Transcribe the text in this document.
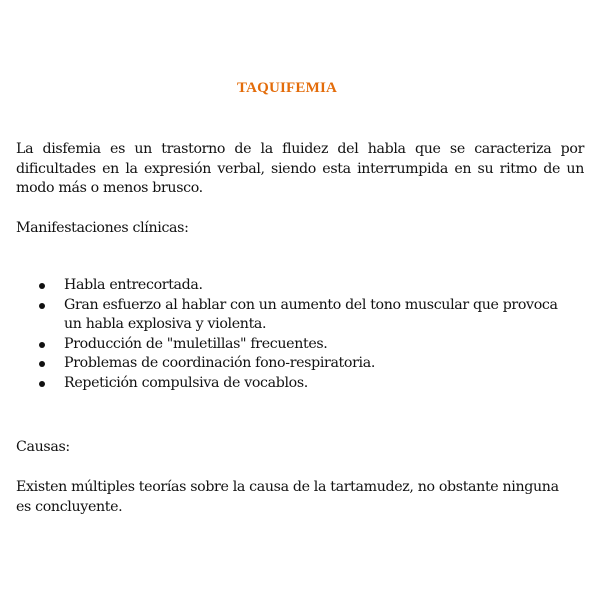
TAQUIFEMIA

La disfemia es un trastorno de la fluidez del habla que se caracteriza por dificultades en la expresión verbal, siendo esta interrumpida en su ritmo de un modo más o menos brusco.

Manifestaciones clínicas:

Habla entrecortada.
Gran esfuerzo al hablar con un aumento del tono muscular que provoca un habla explosiva y violenta.
Producción de "muletillas" frecuentes.
Problemas de coordinación fono-respiratoria.
Repetición compulsiva de vocablos.

Causas:

Existen múltiples teorías sobre la causa de la tartamudez, no obstante ninguna es concluyente.
